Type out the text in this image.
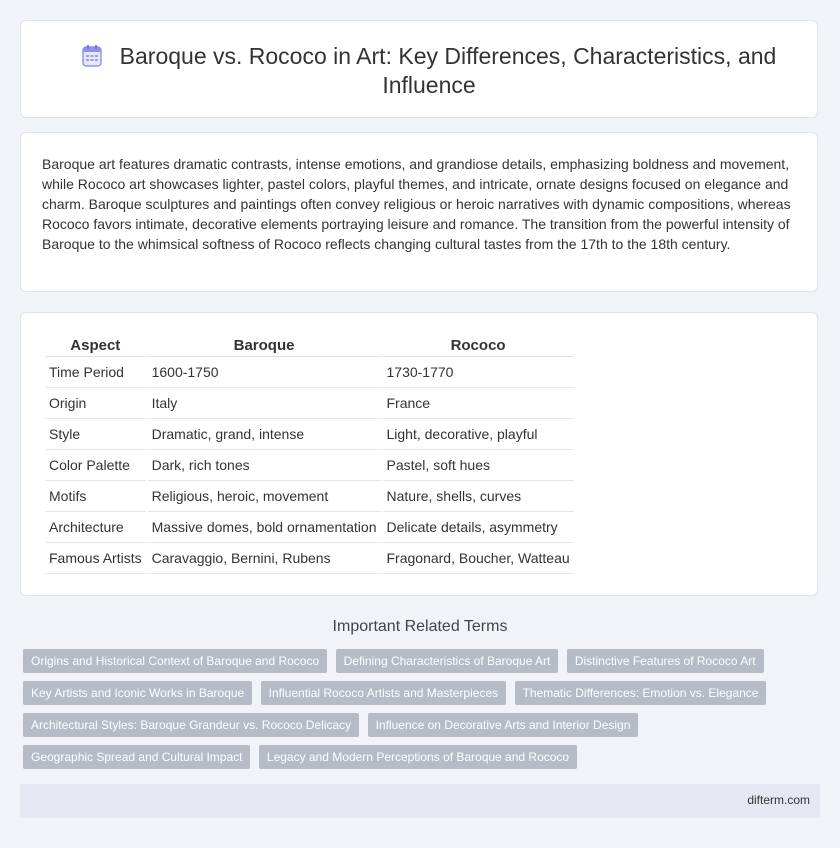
Baroque vs. Rococo in Art: Key Differences, Characteristics, and Influence

Baroque art features dramatic contrasts, intense emotions, and grandiose details, emphasizing boldness and movement, while Rococo art showcases lighter, pastel colors, playful themes, and intricate, ornate designs focused on elegance and charm. Baroque sculptures and paintings often convey religious or heroic narratives with dynamic compositions, whereas Rococo favors intimate, decorative elements portraying leisure and romance. The transition from the powerful intensity of Baroque to the whimsical softness of Rococo reflects changing cultural tastes from the 17th to the 18th century.

Aspect	Baroque	Rococo
Time Period	1600-1750	1730-1770
Origin	Italy	France
Style	Dramatic, grand, intense	Light, decorative, playful
Color Palette	Dark, rich tones	Pastel, soft hues
Motifs	Religious, heroic, movement	Nature, shells, curves
Architecture	Massive domes, bold ornamentation	Delicate details, asymmetry
Famous Artists	Caravaggio, Bernini, Rubens	Fragonard, Boucher, Watteau
Important Related Terms
Origins and Historical Context of Baroque and Rococo Defining Characteristics of Baroque Art Distinctive Features of Rococo Art Key Artists and Iconic Works in Baroque Influential Rococo Artists and Masterpieces Thematic Differences: Emotion vs. Elegance Architectural Styles: Baroque Grandeur vs. Rococo Delicacy Influence on Decorative Arts and Interior Design Geographic Spread and Cultural Impact Legacy and Modern Perceptions of Baroque and Rococo
difterm.com
